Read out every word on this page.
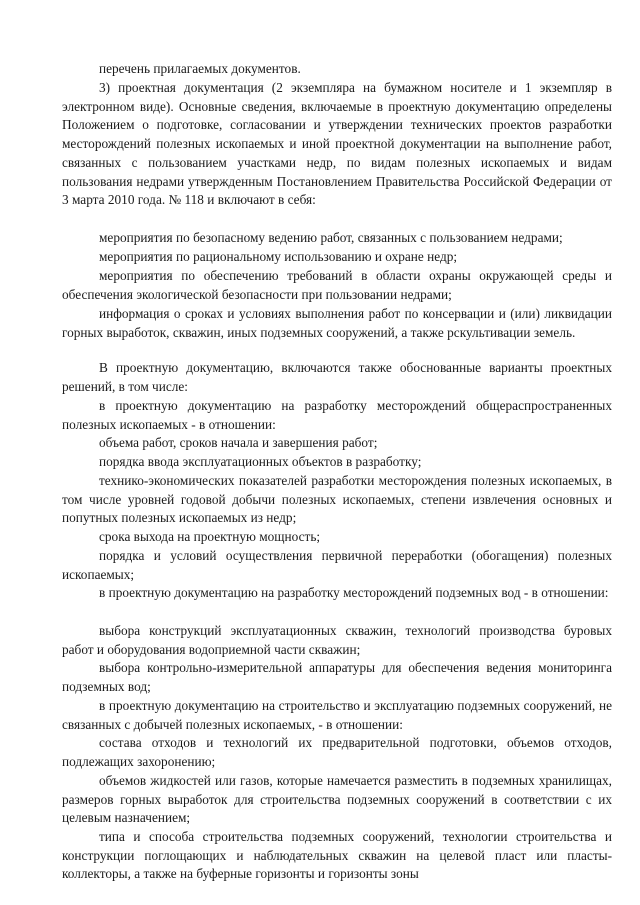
перечень прилагаемых документов.

3) проектная документация (2 экземпляра на бумажном носителе и 1 экземпляр в электронном виде). Основные сведения, включаемые в проектную документацию определены Положением о подготовке, согласовании и утверждении технических проектов разработки месторождений полезных ископаемых и иной проектной документации на выполнение работ, связанных с пользованием участками недр, по видам полезных ископаемых и видам пользования недрами утвержденным Постановлением Правительства Российской Федерации от 3 марта 2010 года. № 118 и включают в себя:

мероприятия по безопасному ведению работ, связанных с пользованием недрами;

мероприятия по рациональному использованию и охране недр;

мероприятия по обеспечению требований в области охраны окружающей среды и обеспечения экологической безопасности при пользовании недрами;

информация о сроках и условиях выполнения работ по консервации и (или) ликвидации горных выработок, скважин, иных подземных сооружений, а также рскультивации земель.

В проектную документацию, включаются также обоснованные варианты проектных решений, в том числе:

в проектную документацию на разработку месторождений общераспространенных полезных ископаемых - в отношении:

объема работ, сроков начала и завершения работ;

порядка ввода эксплуатационных объектов в разработку;

технико-экономических показателей разработки месторождения полезных ископаемых, в том числе уровней годовой добычи полезных ископаемых, степени извлечения основных и попутных полезных ископаемых из недр;

срока выхода на проектную мощность;

порядка и условий осуществления первичной переработки (обогащения) полезных ископаемых;

в проектную документацию на разработку месторождений подземных вод - в отношении:

выбора конструкций эксплуатационных скважин, технологий производства буровых работ и оборудования водоприемной части скважин;

выбора контрольно-измерительной аппаратуры для обеспечения ведения мониторинга подземных вод;

в проектную документацию на строительство и эксплуатацию подземных сооружений, не связанных с добычей полезных ископаемых, - в отношении:

состава отходов и технологий их предварительной подготовки, объемов отходов, подлежащих захоронению;

объемов жидкостей или газов, которые намечается разместить в подземных хранилищах, размеров горных выработок для строительства подземных сооружений в соответствии с их целевым назначением;

типа и способа строительства подземных сооружений, технологии строительства и конструкции поглощающих и наблюдательных скважин на целевой пласт или пласты-коллекторы, а также на буферные горизонты и горизонты зоны
